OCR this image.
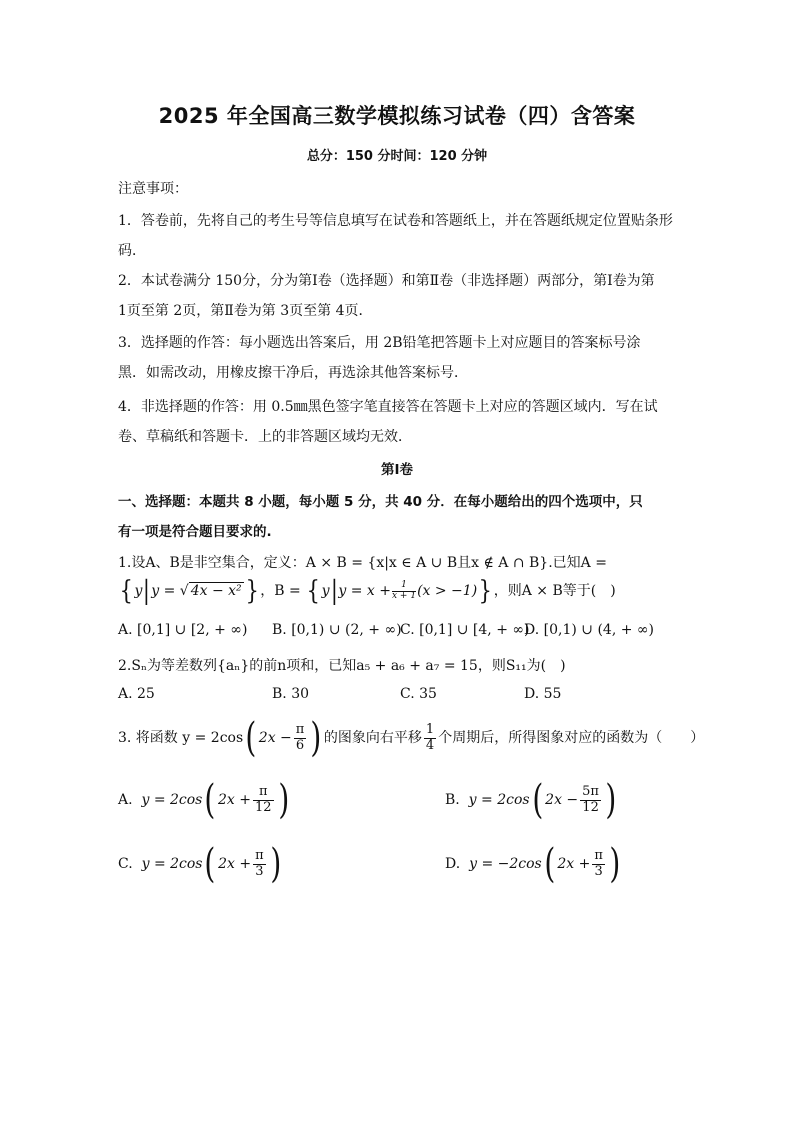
2025 年全国高三数学模拟练习试卷（四）含答案
总分：150 分时间：120 分钟
注意事项：
1．答卷前，先将自己的考生号等信息填写在试卷和答题纸上，并在答题纸规定位置贴条形
码．
2．本试卷满分 150分，分为第Ⅰ卷（选择题）和第Ⅱ卷（非选择题）两部分，第Ⅰ卷为第
1页至第 2页，第Ⅱ卷为第 3页至第 4页．
3．选择题的作答：每小题选出答案后，用 2B铅笔把答题卡上对应题目的答案标号涂
黑．如需改动，用橡皮擦干净后，再选涂其他答案标号．
4．非选择题的作答：用 0.5㎜黑色签字笔直接答在答题卡上对应的答题区域内．写在试
卷、草稿纸和答题卡．上的非答题区域均无效．
第Ⅰ卷
一、选择题：本题共 8 小题，每小题 5 分，共 40 分．在每小题给出的四个选项中，只
有一项是符合题目要求的.
1.设A、B是非空集合，定义：A × B = {x|x ∈ A ∪ B且x ∉ A ∩ B}.已知A =
{ y|y = √ 4x − x² } ，B = { $y|y = x + \frac{1}{x + 1} (x > -1)$} ，则A × B等于(　)
A. [0,1] ∪ [2, + ∞) B. [0,1) ∪ (2, + ∞)
C. [0,1] ∪ [4, + ∞)
D. [0,1) ∪ (4, + ∞)
2.Sₙ为等差数列{aₙ}的前n项和，已知a₅ + a₆ + a₇ = 15，则S₁₁为(　)
A. 25	B. 30	C. 35	D. 55
3. 将函数 y = 2cos( $2x - \frac{\pi}{6}$ ) 的图象向右平移 $\frac{1}{4}$ 个周期后，所得图象对应的函数为（　　）
A. y = 2cos( $2x + \frac{\pi}{12}$ )	B. y = 2cos( $2x - \frac{5\pi}{12}$ )
C. y = 2cos( $2x + \frac{\pi}{3}$ )	D. y = −2cos( $2x + \frac{\pi}{3}$ )
